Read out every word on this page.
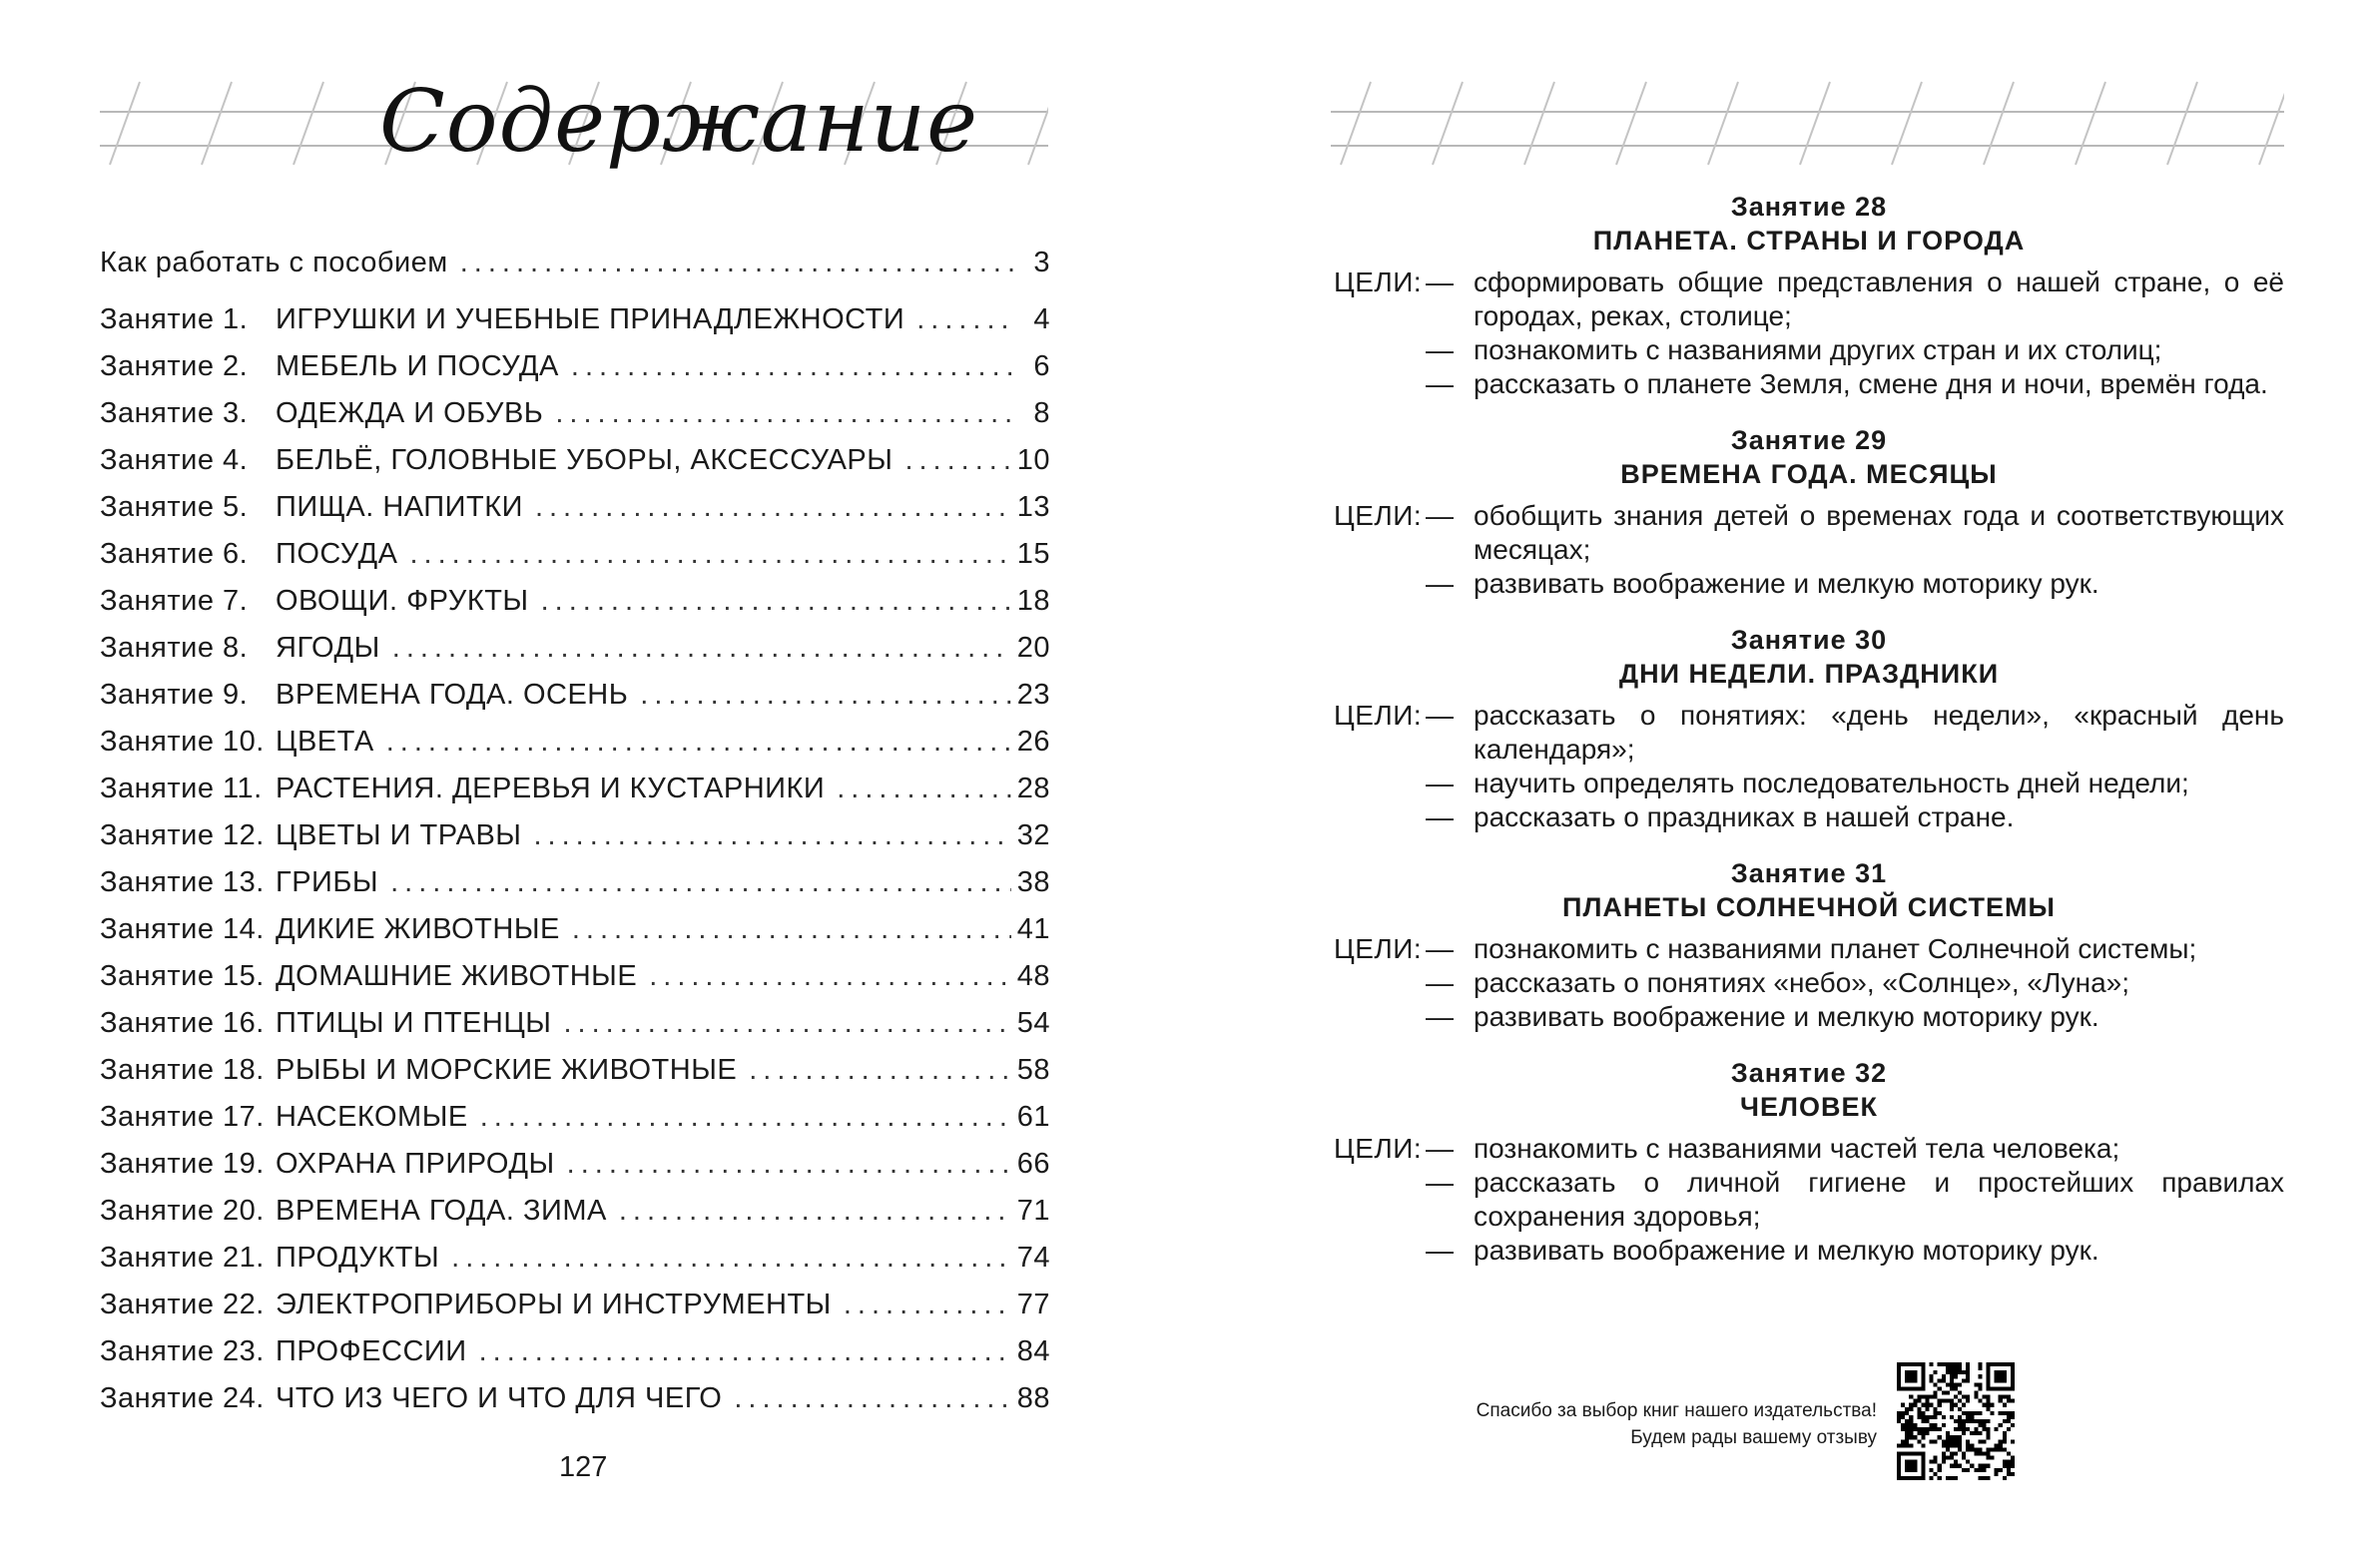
Содержание
Как работать с пособием .....	3
Занятие 1. ИГРУШКИ И УЧЕБНЫЕ ПРИНАДЛЕЖНОСТИ .....	4
Занятие 2. МЕБЕЛЬ И ПОСУДА .....	6
Занятие 3. ОДЕЖДА И ОБУВЬ .....	8
Занятие 4. БЕЛЬЁ, ГОЛОВНЫЕ УБОРЫ, АКСЕССУАРЫ .....	10
Занятие 5. ПИЩА. НАПИТКИ .....	13
Занятие 6. ПОСУДА .....	15
Занятие 7. ОВОЩИ. ФРУКТЫ .....	18
Занятие 8. ЯГОДЫ .....	20
Занятие 9. ВРЕМЕНА ГОДА. ОСЕНЬ .....	23
Занятие 10. ЦВЕТА .....	26
Занятие 11. РАСТЕНИЯ. ДЕРЕВЬЯ И КУСТАРНИКИ .....	28
Занятие 12. ЦВЕТЫ И ТРАВЫ .....	32
Занятие 13. ГРИБЫ .....	38
Занятие 14. ДИКИЕ ЖИВОТНЫЕ .....	41
Занятие 15. ДОМАШНИЕ ЖИВОТНЫЕ .....	48
Занятие 16. ПТИЦЫ И ПТЕНЦЫ .....	54
Занятие 18. РЫБЫ И МОРСКИЕ ЖИВОТНЫЕ .....	58
Занятие 17. НАСЕКОМЫЕ .....	61
Занятие 19. ОХРАНА ПРИРОДЫ .....	66
Занятие 20. ВРЕМЕНА ГОДА. ЗИМА .....	71
Занятие 21. ПРОДУКТЫ .....	74
Занятие 22. ЭЛЕКТРОПРИБОРЫ И ИНСТРУМЕНТЫ .....	77
Занятие 23. ПРОФЕССИИ .....	84
Занятие 24. ЧТО ИЗ ЧЕГО И ЧТО ДЛЯ ЧЕГО .....	88
127
Занятие 28
ПЛАНЕТА. СТРАНЫ И ГОРОДА
ЦЕЛИ: — сформировать общие представления о нашей стране, о её городах, реках, столице;
— познакомить с названиями других стран и их столиц;
— рассказать о планете Земля, смене дня и ночи, времён года.
Занятие 29
ВРЕМЕНА ГОДА. МЕСЯЦЫ
ЦЕЛИ: — обобщить знания детей о временах года и соответствующих месяцах;
— развивать воображение и мелкую моторику рук.
Занятие 30
ДНИ НЕДЕЛИ. ПРАЗДНИКИ
ЦЕЛИ: — рассказать о понятиях: «день недели», «красный день календаря»;
— научить определять последовательность дней недели;
— рассказать о праздниках в нашей стране.
Занятие 31
ПЛАНЕТЫ СОЛНЕЧНОЙ СИСТЕМЫ
ЦЕЛИ: — познакомить с названиями планет Солнечной системы;
— рассказать о понятиях «небо», «Солнце», «Луна»;
— развивать воображение и мелкую моторику рук.
Занятие 32
ЧЕЛОВЕК
ЦЕЛИ: — познакомить с названиями частей тела человека;
— рассказать о личной гигиене и простейших правилах сохранения здоровья;
— развивать воображение и мелкую моторику рук.
Спасибо за выбор книг нашего издательства!
Будем рады вашему отзыву
